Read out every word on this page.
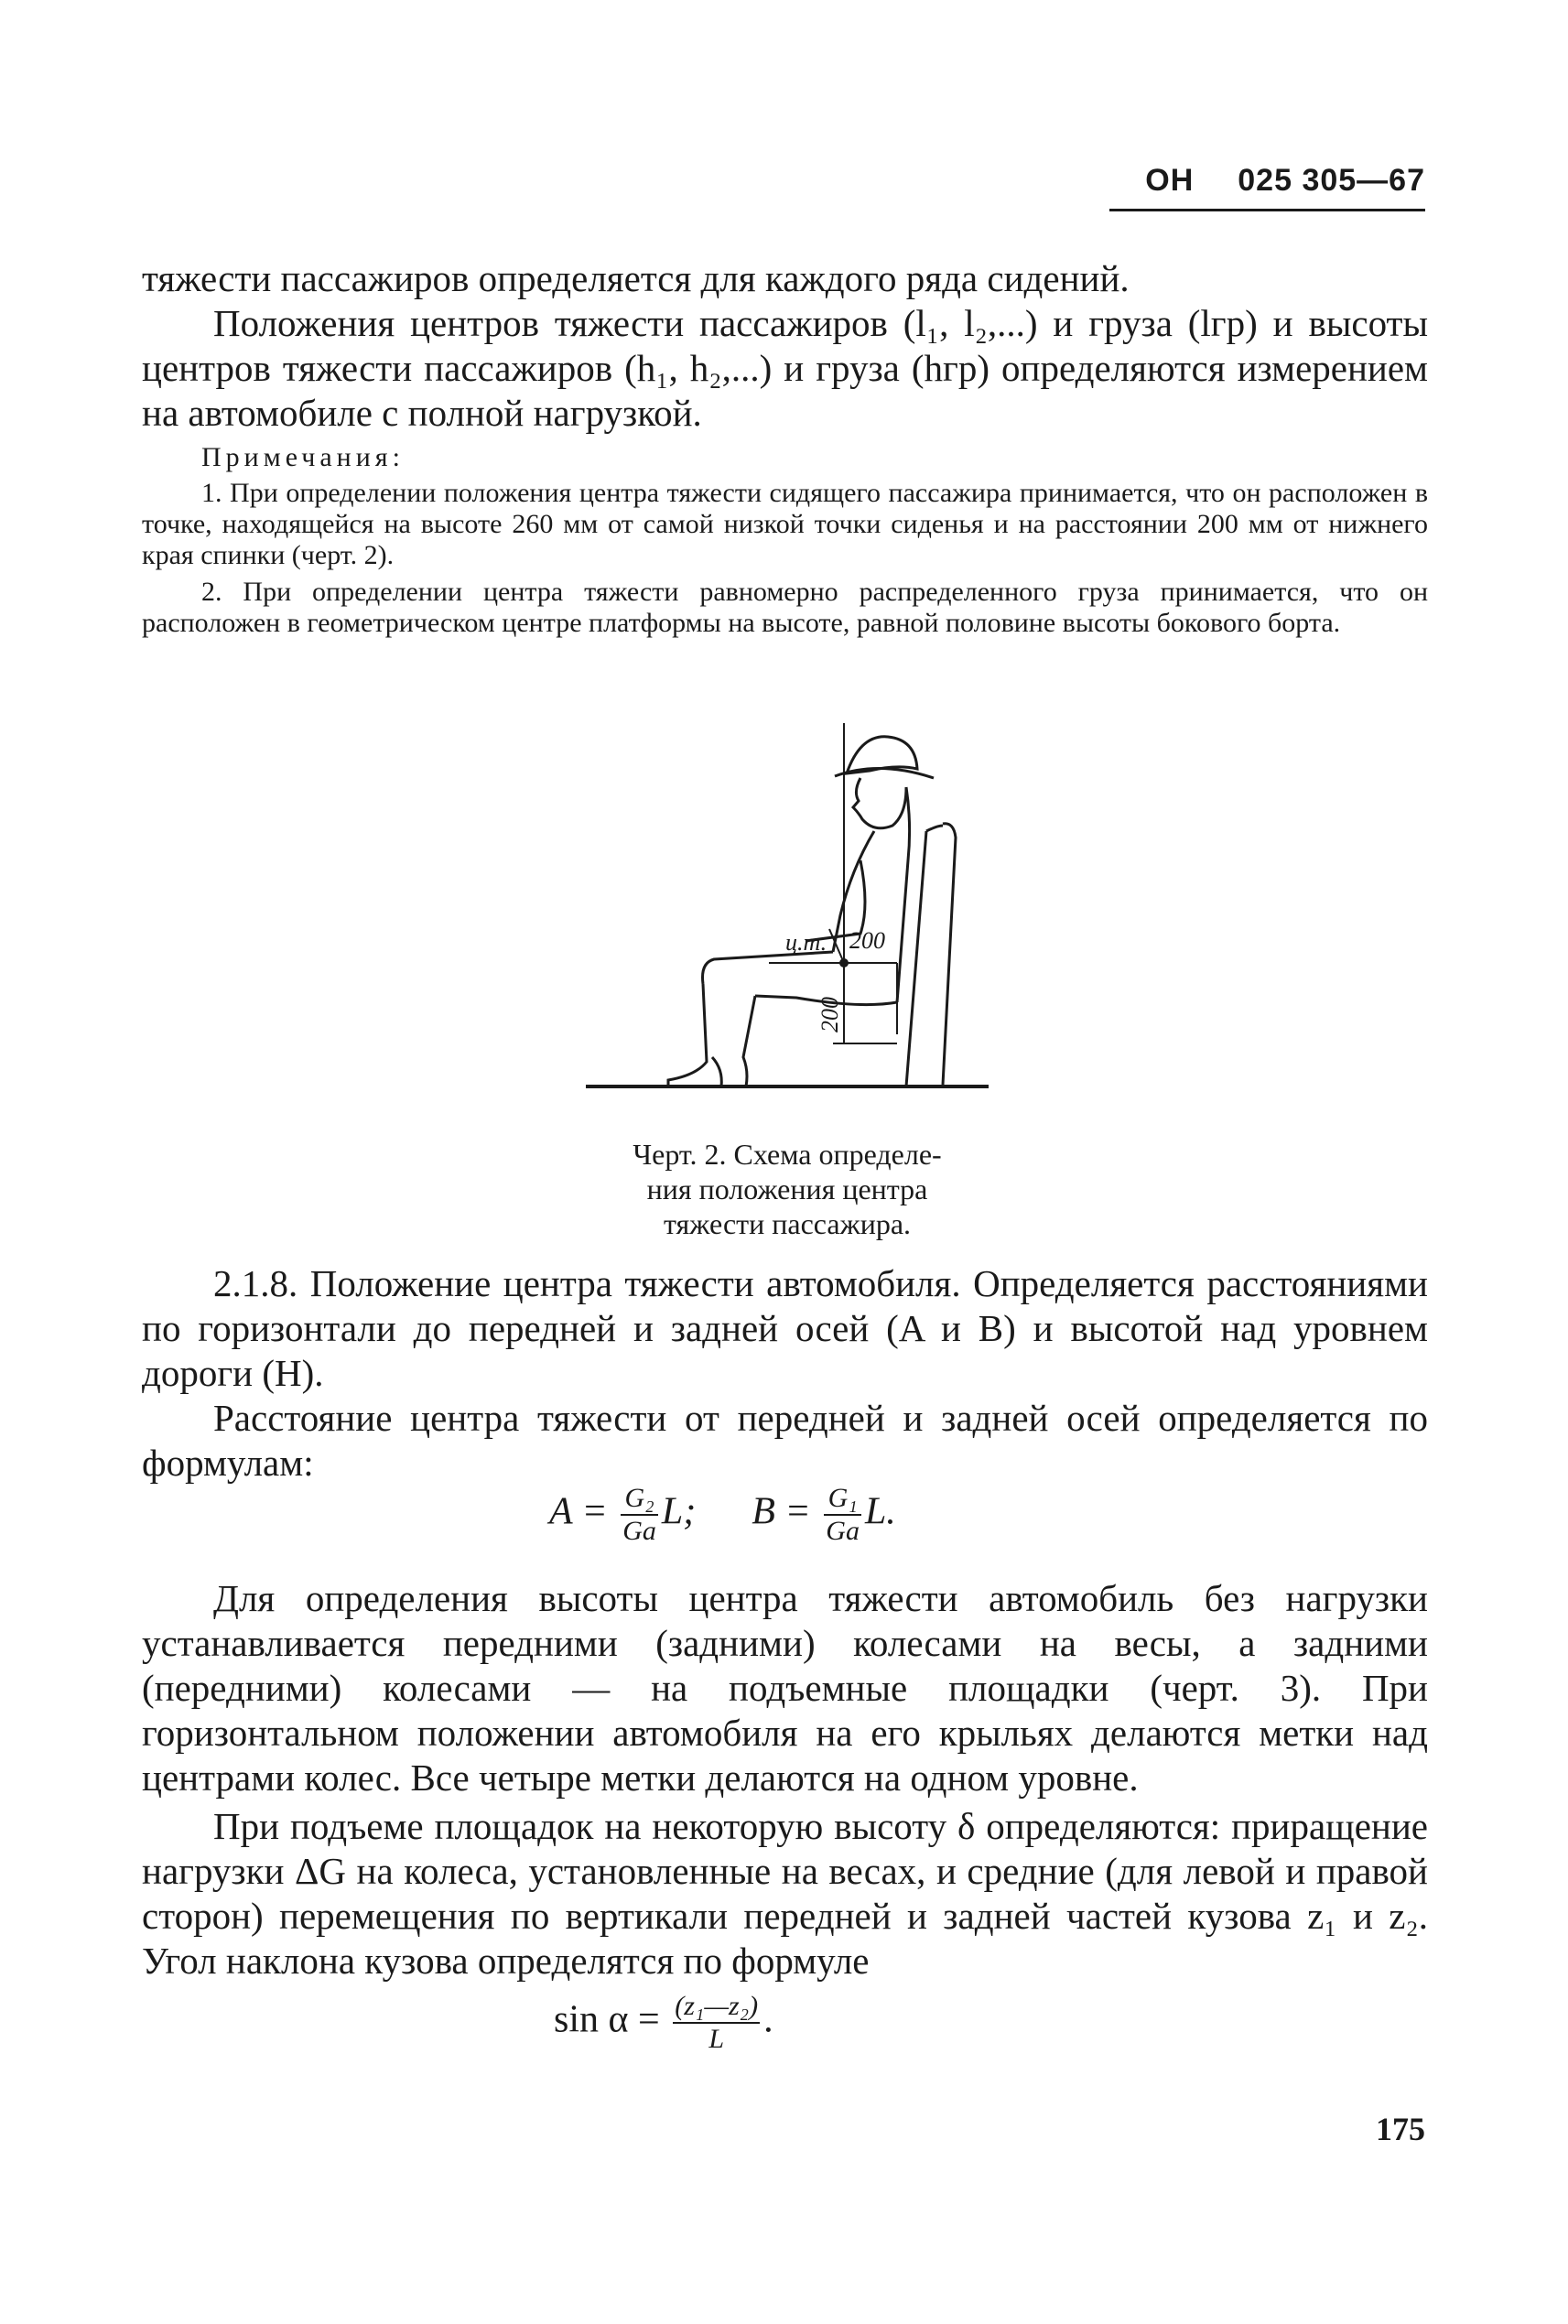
ОН 025 305—67

тяжести пассажиров определяется для каждого ряда сидений.

Положения центров тяжести пассажиров (l₁, l₂,...) и груза (lгр) и высоты центров тяжести пассажиров (h₁, h₂,...) и груза (hгр) определяются измерением на автомобиле с полной нагрузкой.

Примечания:

1. При определении положения центра тяжести сидящего пассажира принимается, что он расположен в точке, находящейся на высоте 260 мм от самой низкой точки сиденья и на расстоянии 200 мм от нижнего края спинки (черт. 2).

2. При определении центра тяжести равномерно распределенного груза принимается, что он расположен в геометрическом центре платформы на высоте, равной половине высоты бокового борта.

ц.т. 200
200
Черт. 2. Схема определе-
ния положения центра
тяжести пассажира.

2.1.8. Положение центра тяжести автомобиля. Определяется расстояниями по горизонтали до передней и задней осей (A и B) и высотой над уровнем дороги (H).

Расстояние центра тяжести от передней и задней осей определяется по формулам:

$A = \frac{\text{G₂}}{Gа} L$; $B = \frac{\text{G₁}}{Gа} L$.

Для определения высоты центра тяжести автомобиль без нагрузки устанавливается передними (задними) колесами на весы, а задними (передними) колесами — на подъемные площадки (черт. 3). При горизонтальном положении автомобиля на его крыльях делаются метки над центрами колес. Все четыре метки делаются на одном уровне.

При подъеме площадок на некоторую высоту δ определяются: приращение нагрузки ΔG на колеса, установленные на весах, и средние (для левой и правой сторон) перемещения по вертикали передней и задней частей кузова z₁ и z₂. Угол наклона кузова определятся по формуле

$\sin \alpha = \frac{\text{(z₁—z₂)}}{L}$ .
175
